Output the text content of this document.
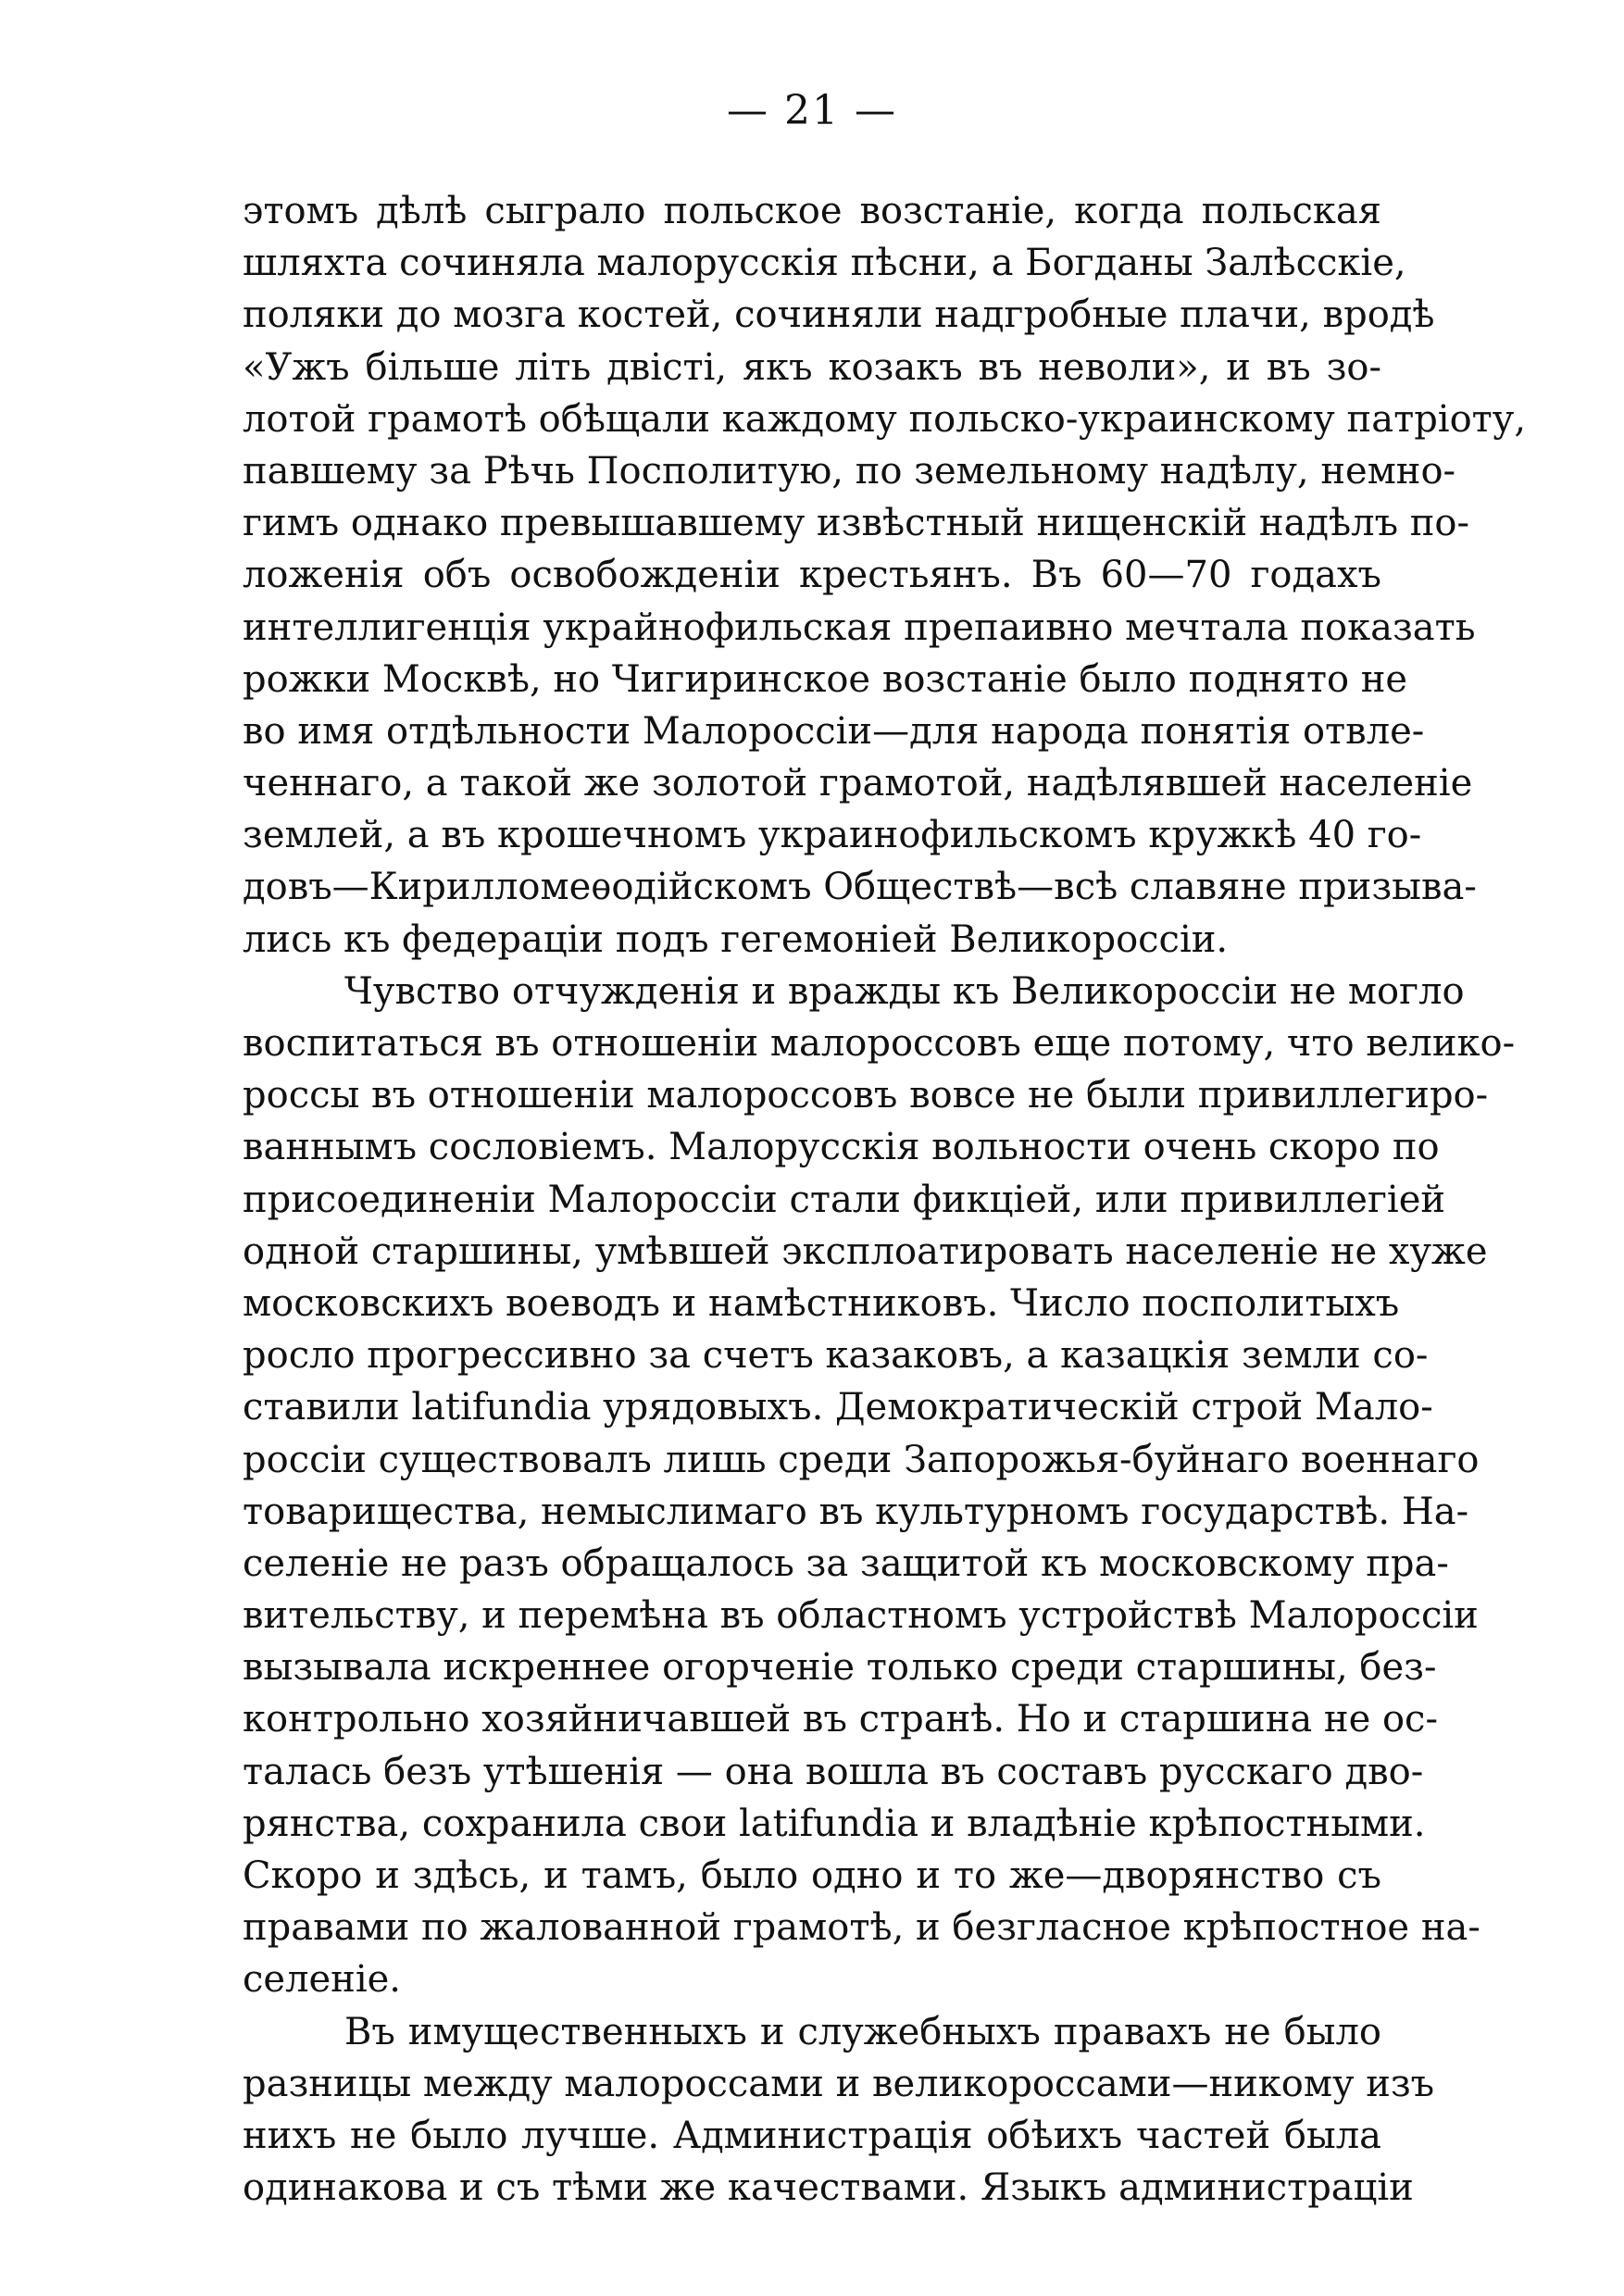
— 21 —
этомъ дѣлѣ сыграло польское возстаніе, когда польская
шляхта сочиняла малорусскія пѣсни, а Богданы Залѣсскіе,
поляки до мозга костей, сочиняли надгробные плачи, вродѣ
«Ужъ більше літь двісті, якъ козакъ въ неволи», и въ зо-
лотой грамотѣ обѣщали каждому польско-украинскому патріоту,
павшему за Рѣчь Посполитую, по земельному надѣлу, немно-
гимъ однако превышавшему извѣстный нищенскій надѣлъ по-
ложенія объ освобожденіи крестьянъ. Въ 60—70 годахъ
интеллигенція украйнофильская препаивно мечтала показать
рожки Москвѣ, но Чигиринское возстаніе было поднято не
во имя отдѣльности Малороссіи—для народа понятія отвле-
ченнаго, а такой же золотой грамотой, надѣлявшей населеніе
землей, а въ крошечномъ украинофильскомъ кружкѣ 40 го-
довъ—Кирилломеѳодійскомъ Обществѣ—всѣ славяне призыва-
лись къ федераціи подъ гегемоніей Великороссіи.
Чувство отчужденія и вражды къ Великороссіи не могло
воспитаться въ отношеніи малороссовъ еще потому, что велико-
россы въ отношеніи малороссовъ вовсе не были привиллегиро-
ваннымъ сословіемъ. Малорусскія вольности очень скоро по
присоединеніи Малороссіи стали фикціей, или привиллегіей
одной старшины, умѣвшей эксплоатировать населеніе не хуже
московскихъ воеводъ и намѣстниковъ. Число посполитыхъ
росло прогрессивно за счетъ казаковъ, а казацкія земли со-
ставили latifundia урядовыхъ. Демократическій строй Мало-
россіи существовалъ лишь среди Запорожья-буйнаго военнаго
товарищества, немыслимаго въ культурномъ государствѣ. На-
селеніе не разъ обращалось за защитой къ московскому пра-
вительству, и перемѣна въ областномъ устройствѣ Малороссіи
вызывала искреннее огорченіе только среди старшины, без-
контрольно хозяйничавшей въ странѣ. Но и старшина не ос-
талась безъ утѣшенія — она вошла въ составъ русскаго дво-
рянства, сохранила свои latifundia и владѣніе крѣпостными.
Скоро и здѣсь, и тамъ, было одно и то же—дворянство съ
правами по жалованной грамотѣ, и безгласное крѣпостное на-
селеніе.
Въ имущественныхъ и служебныхъ правахъ не было
разницы между малороссами и великороссами—никому изъ
нихъ не было лучше. Администрація обѣихъ частей была
одинакова и съ тѣми же качествами. Языкъ администраціи
